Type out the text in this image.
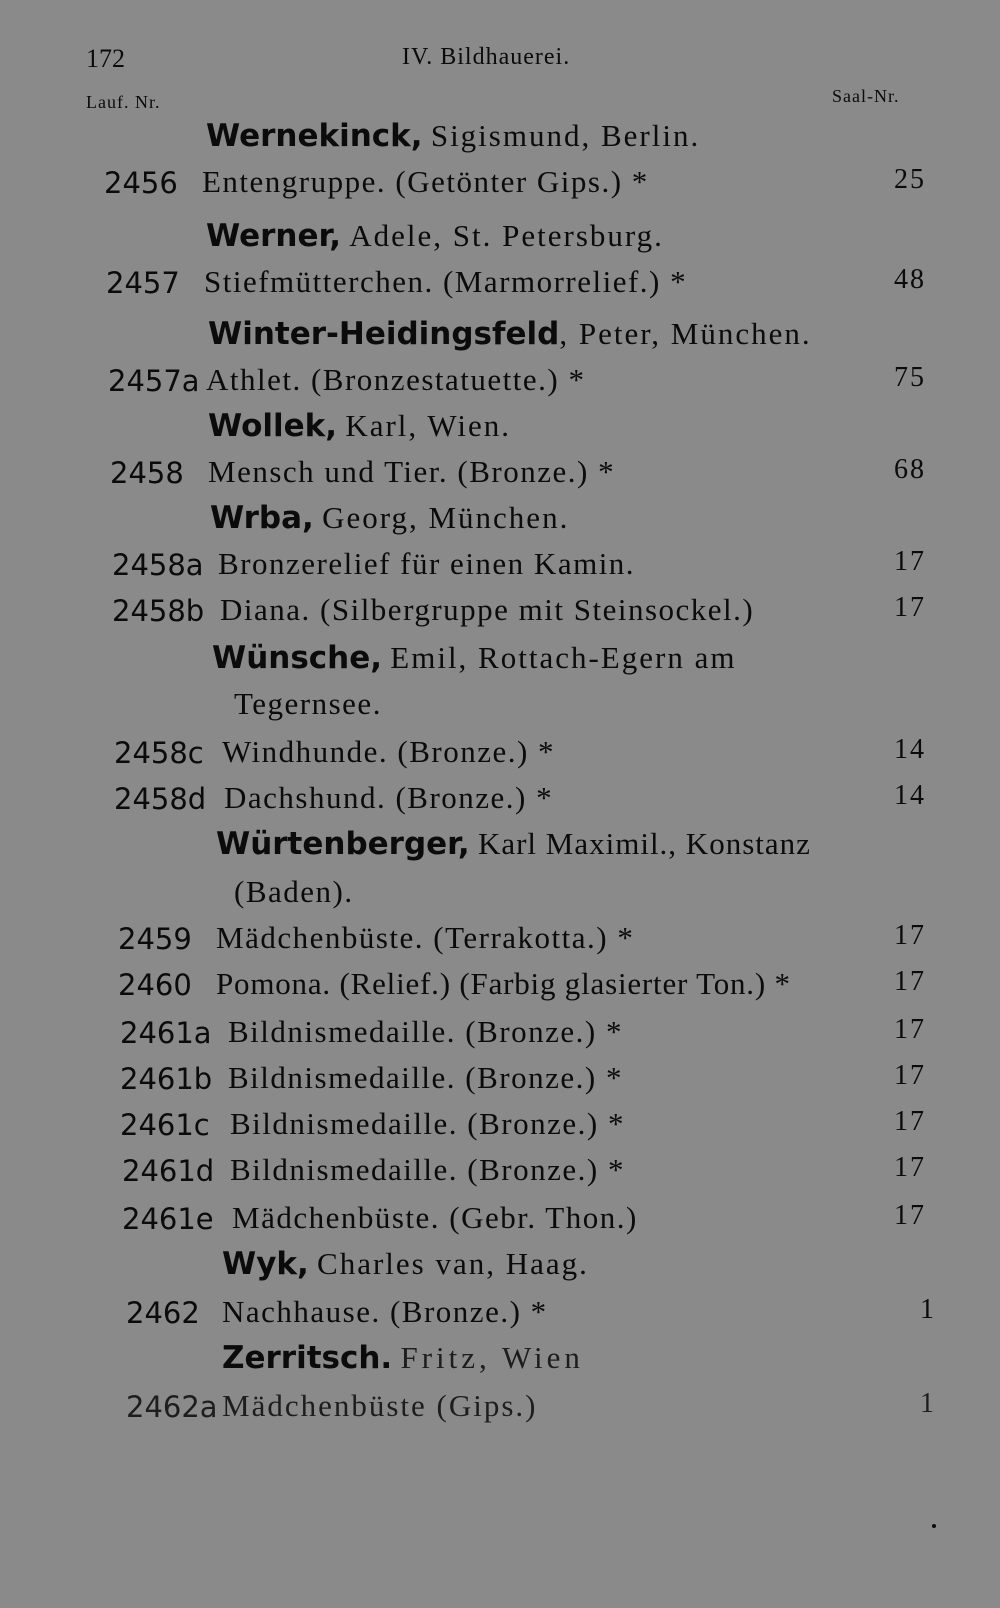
172	IV. Bildhauerei.
Lauf. Nr.	Saal-Nr.
Wernekinck, Sigismund, Berlin.
2456 Entengruppe. (Getönter Gips.) *	25
Werner, Adele, St. Petersburg.
2457 Stiefmütterchen. (Marmorrelief.) *	48
Winter-Heidingsfeld, Peter, München.
2457a Athlet. (Bronzestatuette.) *	75
Wollek, Karl, Wien.
2458 Mensch und Tier. (Bronze.) *	68
Wrba, Georg, München.
2458a Bronzerelief für einen Kamin.	17
2458b Diana. (Silbergruppe mit Steinsockel.)	17
Wünsche, Emil, Rottach-Egern am
Tegernsee.
2458c Windhunde. (Bronze.) *	14
2458d Dachshund. (Bronze.) *	14
Würtenberger, Karl Maximil., Konstanz
(Baden).
2459 Mädchenbüste. (Terrakotta.) *	17
2460 Pomona. (Relief.) (Farbig glasierter Ton.) *	17
2461a Bildnismedaille. (Bronze.) *	17
2461b Bildnismedaille. (Bronze.) *	17
2461c Bildnismedaille. (Bronze.) *	17
2461d Bildnismedaille. (Bronze.) *	17
2461e Mädchenbüste. (Gebr. Thon.)	17
Wyk, Charles van, Haag.
2462 Nachhause. (Bronze.) *	1
Zerritsch. Fritz, Wien
2462a Mädchenbüste (Gips.)	1
